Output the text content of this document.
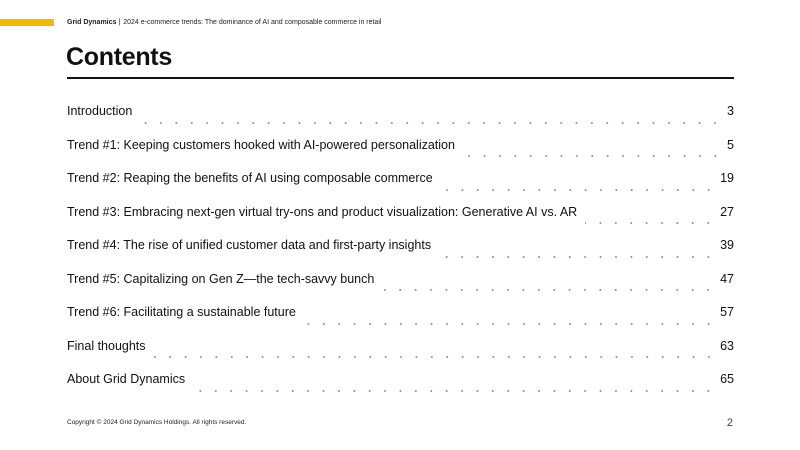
Grid Dynamics | 2024 e-commerce trends: The dominance of AI and composable commerce in retail
Contents
Introduction	3
Trend #1: Keeping customers hooked with AI-powered personalization	5
Trend #2: Reaping the benefits of AI using composable commerce	19
Trend #3: Embracing next-gen virtual try-ons and product visualization: Generative AI vs. AR	27
Trend #4: The rise of unified customer data and first-party insights	39
Trend #5: Capitalizing on Gen Z—the tech-savvy bunch	47
Trend #6: Facilitating a sustainable future	57
Final thoughts	63
About Grid Dynamics	65
Copyright © 2024 Grid Dynamics Holdings. All rights reserved.	2
